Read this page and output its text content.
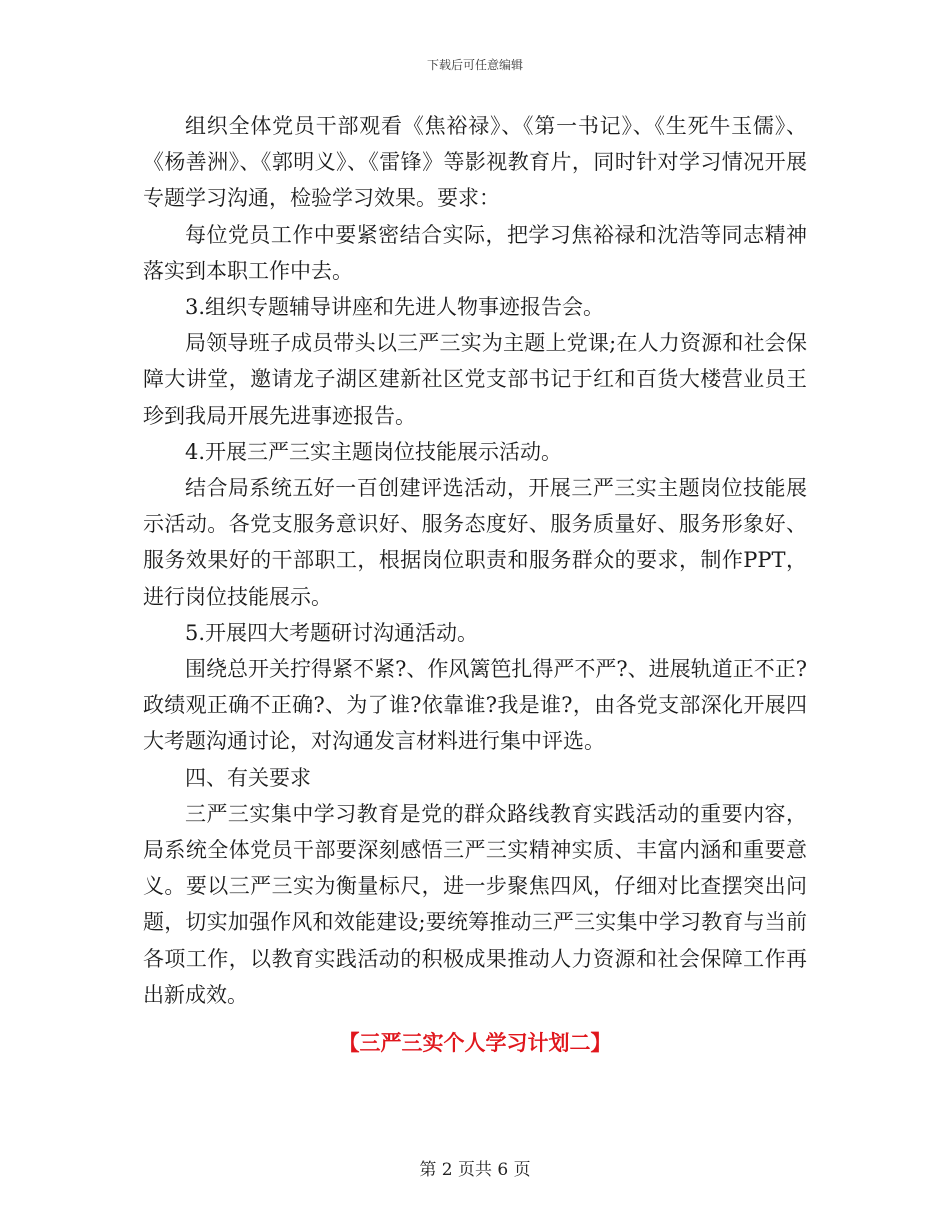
下载后可任意编辑

组织全体党员干部观看《焦裕禄》、《第一书记》、《生死牛玉儒》、《杨善洲》、《郭明义》、《雷锋》等影视教育片，同时针对学习情况开展专题学习沟通，检验学习效果。要求：

每位党员工作中要紧密结合实际，把学习焦裕禄和沈浩等同志精神落实到本职工作中去。

3.组织专题辅导讲座和先进人物事迹报告会。

局领导班子成员带头以三严三实为主题上党课;在人力资源和社会保障大讲堂，邀请龙子湖区建新社区党支部书记于红和百货大楼营业员王珍到我局开展先进事迹报告。

4.开展三严三实主题岗位技能展示活动。

结合局系统五好一百创建评选活动，开展三严三实主题岗位技能展示活动。各党支服务意识好、服务态度好、服务质量好、服务形象好、服务效果好的干部职工，根据岗位职责和服务群众的要求，制作PPT，进行岗位技能展示。

5.开展四大考题研讨沟通活动。

围绕总开关拧得紧不紧?、作风篱笆扎得严不严?、进展轨道正不正?政绩观正确不正确?、为了谁?依靠谁?我是谁?，由各党支部深化开展四大考题沟通讨论，对沟通发言材料进行集中评选。

四、有关要求

三严三实集中学习教育是党的群众路线教育实践活动的重要内容，局系统全体党员干部要深刻感悟三严三实精神实质、丰富内涵和重要意义。要以三严三实为衡量标尺，进一步聚焦四风，仔细对比查摆突出问题，切实加强作风和效能建设;要统筹推动三严三实集中学习教育与当前各项工作，以教育实践活动的积极成果推动人力资源和社会保障工作再出新成效。

【三严三实个人学习计划二】

第 2 页共 6 页
